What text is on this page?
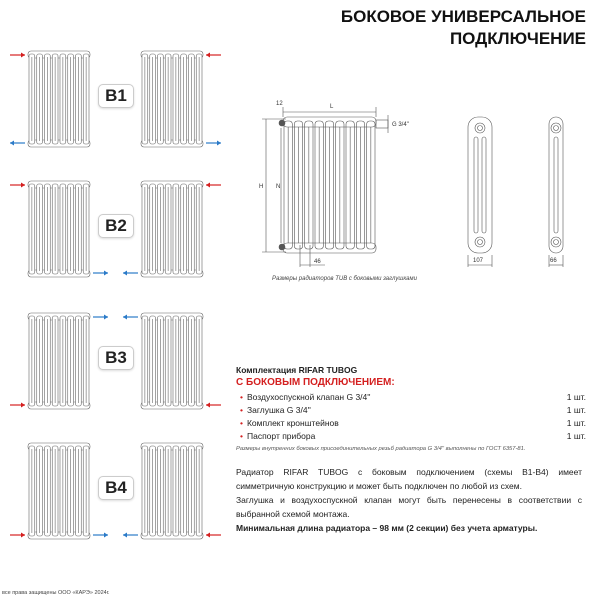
БОКОВОЕ УНИВЕРСАЛЬНОЕ
ПОДКЛЮЧЕНИЕ
B1
B2
B3
B4
L
12
H N
46
G 3/4''
107	66
Размеры радиаторов TUB с боковыми заглушками
Комплектация RIFAR TUBOG
С БОКОВЫМ ПОДКЛЮЧЕНИЕМ:
• Воздухоспускной клапан G 3/4''	1 шт.
• Заглушка G 3/4''	1 шт.
• Комплект кронштейнов	1 шт.
• Паспорт прибора	1 шт.
Размеры внутренних боковых присоединительных резьб радиатора G 3/4'' выполнены по ГОСТ 6357-81.
Радиатор RIFAR TUBOG с боковым подключением (схемы B1-B4) имеет симметричную конструкцию и может быть подключен по любой из схем.
Заглушка и воздухоспускной клапан могут быть перенесены в соответствии с выбранной схемой монтажа.
Минимальная длина радиатора – 98 мм (2 секции) без учета арматуры.
все права защищены ООО «КАРЭ» 2024г.
